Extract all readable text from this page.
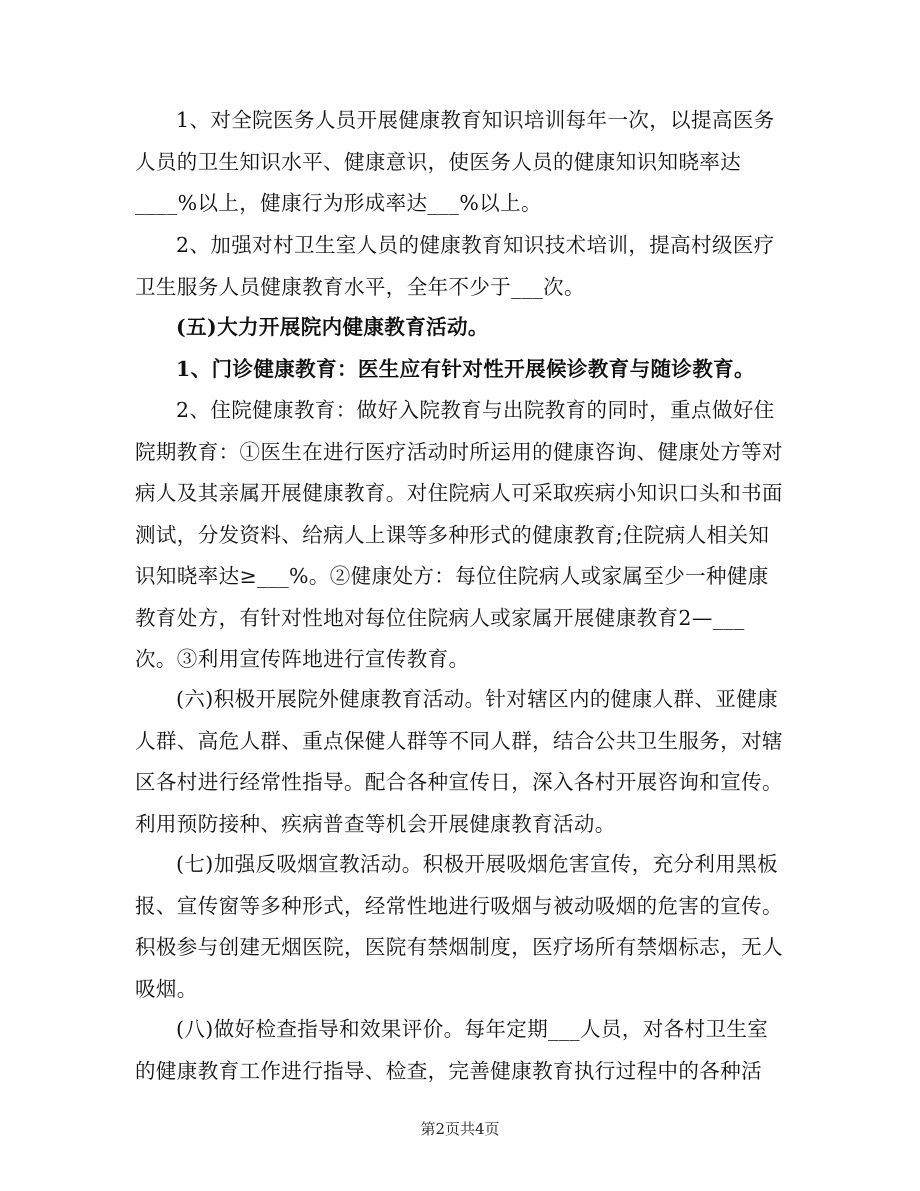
1、对全院医务人员开展健康教育知识培训每年一次，以提高医务人员的卫生知识水平、健康意识，使医务人员的健康知识知晓率达____%以上，健康行为形成率达___%以上。

2、加强对村卫生室人员的健康教育知识技术培训，提高村级医疗卫生服务人员健康教育水平，全年不少于___次。

(五)大力开展院内健康教育活动。

1、门诊健康教育：医生应有针对性开展候诊教育与随诊教育。

2、住院健康教育：做好入院教育与出院教育的同时，重点做好住院期教育：①医生在进行医疗活动时所运用的健康咨询、健康处方等对病人及其亲属开展健康教育。对住院病人可采取疾病小知识口头和书面测试，分发资料、给病人上课等多种形式的健康教育;住院病人相关知识知晓率达≥___%。②健康处方：每位住院病人或家属至少一种健康教育处方，有针对性地对每位住院病人或家属开展健康教育2—___次。③利用宣传阵地进行宣传教育。

(六)积极开展院外健康教育活动。针对辖区内的健康人群、亚健康人群、高危人群、重点保健人群等不同人群，结合公共卫生服务，对辖区各村进行经常性指导。配合各种宣传日，深入各村开展咨询和宣传。利用预防接种、疾病普查等机会开展健康教育活动。

(七)加强反吸烟宣教活动。积极开展吸烟危害宣传，充分利用黑板报、宣传窗等多种形式，经常性地进行吸烟与被动吸烟的危害的宣传。积极参与创建无烟医院，医院有禁烟制度，医疗场所有禁烟标志，无人吸烟。

(八)做好检查指导和效果评价。每年定期___人员，对各村卫生室的健康教育工作进行指导、检查，完善健康教育执行过程中的各种活

第2页共4页
